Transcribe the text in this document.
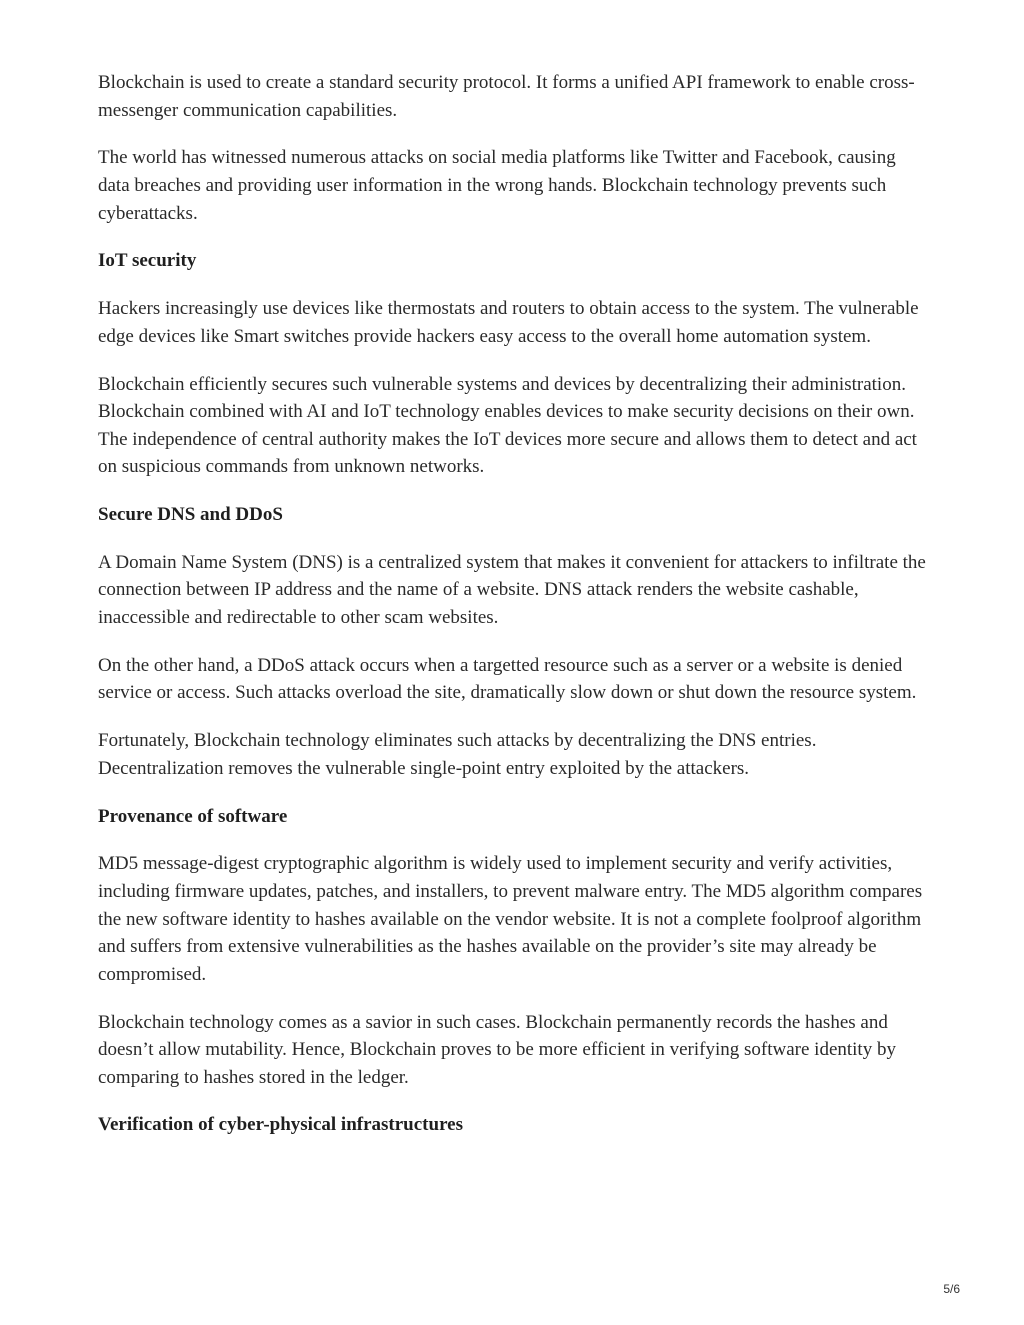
Blockchain is used to create a standard security protocol. It forms a unified API framework to enable cross-messenger communication capabilities.

The world has witnessed numerous attacks on social media platforms like Twitter and Facebook, causing data breaches and providing user information in the wrong hands. Blockchain technology prevents such cyberattacks.

IoT security

Hackers increasingly use devices like thermostats and routers to obtain access to the system. The vulnerable edge devices like Smart switches provide hackers easy access to the overall home automation system.

Blockchain efficiently secures such vulnerable systems and devices by decentralizing their administration. Blockchain combined with AI and IoT technology enables devices to make security decisions on their own. The independence of central authority makes the IoT devices more secure and allows them to detect and act on suspicious commands from unknown networks.

Secure DNS and DDoS

A Domain Name System (DNS) is a centralized system that makes it convenient for attackers to infiltrate the connection between IP address and the name of a website. DNS attack renders the website cashable, inaccessible and redirectable to other scam websites.

On the other hand, a DDoS attack occurs when a targetted resource such as a server or a website is denied service or access. Such attacks overload the site, dramatically slow down or shut down the resource system.

Fortunately, Blockchain technology eliminates such attacks by decentralizing the DNS entries. Decentralization removes the vulnerable single-point entry exploited by the attackers.

Provenance of software

MD5 message-digest cryptographic algorithm is widely used to implement security and verify activities, including firmware updates, patches, and installers, to prevent malware entry. The MD5 algorithm compares the new software identity to hashes available on the vendor website. It is not a complete foolproof algorithm and suffers from extensive vulnerabilities as the hashes available on the provider’s site may already be compromised.

Blockchain technology comes as a savior in such cases. Blockchain permanently records the hashes and doesn’t allow mutability. Hence, Blockchain proves to be more efficient in verifying software identity by comparing to hashes stored in the ledger.

Verification of cyber-physical infrastructures
5/6
